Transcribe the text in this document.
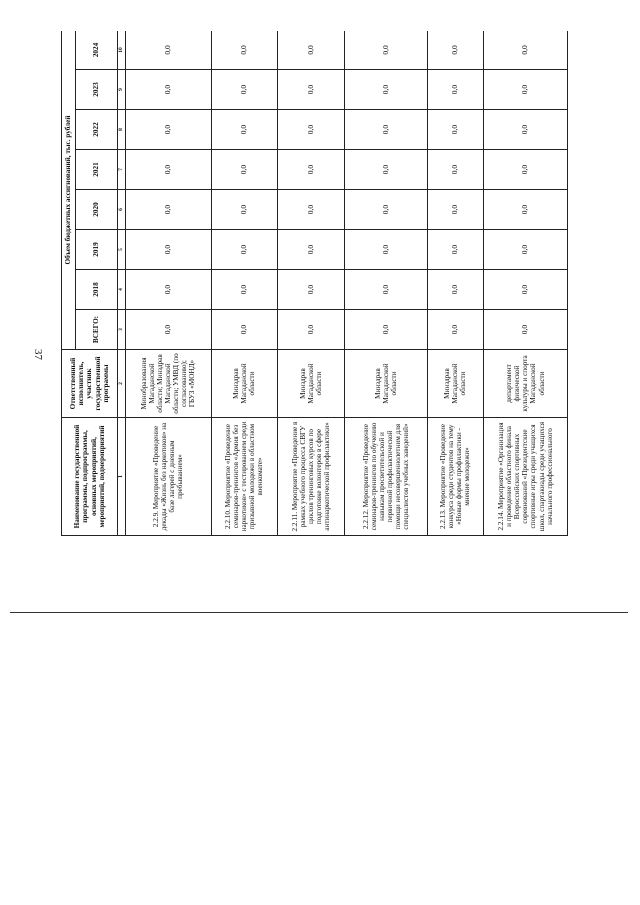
37
Наименование государственной программы, подпрограммы, основных мероприятий, мероприятий, подмероприятий	Ответственный исполнитель, участник государственной программы	Объем бюджетных ассигнований, тыс. рублей							
		ВСЕГО:	2018	2019	2020	2021	2022	2023	2024
1	2	3	4	5	6	7	8	9	10
2.2.9. Мероприятие «Проведение декады «Жизнь без наркотиков» на базе лагерей с дневным пребыванием»	Минобразования Магаданской области; Минздрав Магаданской области; УМВД (по согласованию); ГБУЗ «МОНД»	0,0	0,0	0,0	0,0	0,0	0,0	0,0	0,0
2.2.10. Мероприятие «Проведение семинаров-тренингов «Армия без наркотиков» с тестированием среди призывной молодежи в областном военкомате»	Минздрав Магаданской области	0,0	0,0	0,0	0,0	0,0	0,0	0,0	0,0
2.2.11. Мероприятие «Проведение в рамках учебного процесса СВГУ циклов тренинговых курсов по подготовке волонтеров в сфере антинаркотической профилактики»	Минздрав Магаданской области	0,0	0,0	0,0	0,0	0,0	0,0	0,0	0,0
2.2.12. Мероприятие «Проведение семинаров-тренингов по обучению навыкам просветительской и первичной профилактической помощи несовершеннолетним для специалистов учебных заведений»	Минздрав Магаданской области	0,0	0,0	0,0	0,0	0,0	0,0	0,0	0,0
2.2.13. Мероприятие «Проведение конкурса среди студентов на тему «Новые формы профилактики - мнение молодежи»	Минздрав Магаданской области	0,0	0,0	0,0	0,0	0,0	0,0	0,0	0,0
2.2.14. Мероприятие «Организация и проведение областного финала Всероссийских спортивных соревнований «Президентские спортивные игры среди учащихся школ, спартакиады среди учащихся начального профессионального	департамент физической культуры и спорта Магаданской области	0,0	0,0	0,0	0,0	0,0	0,0	0,0	0,0
